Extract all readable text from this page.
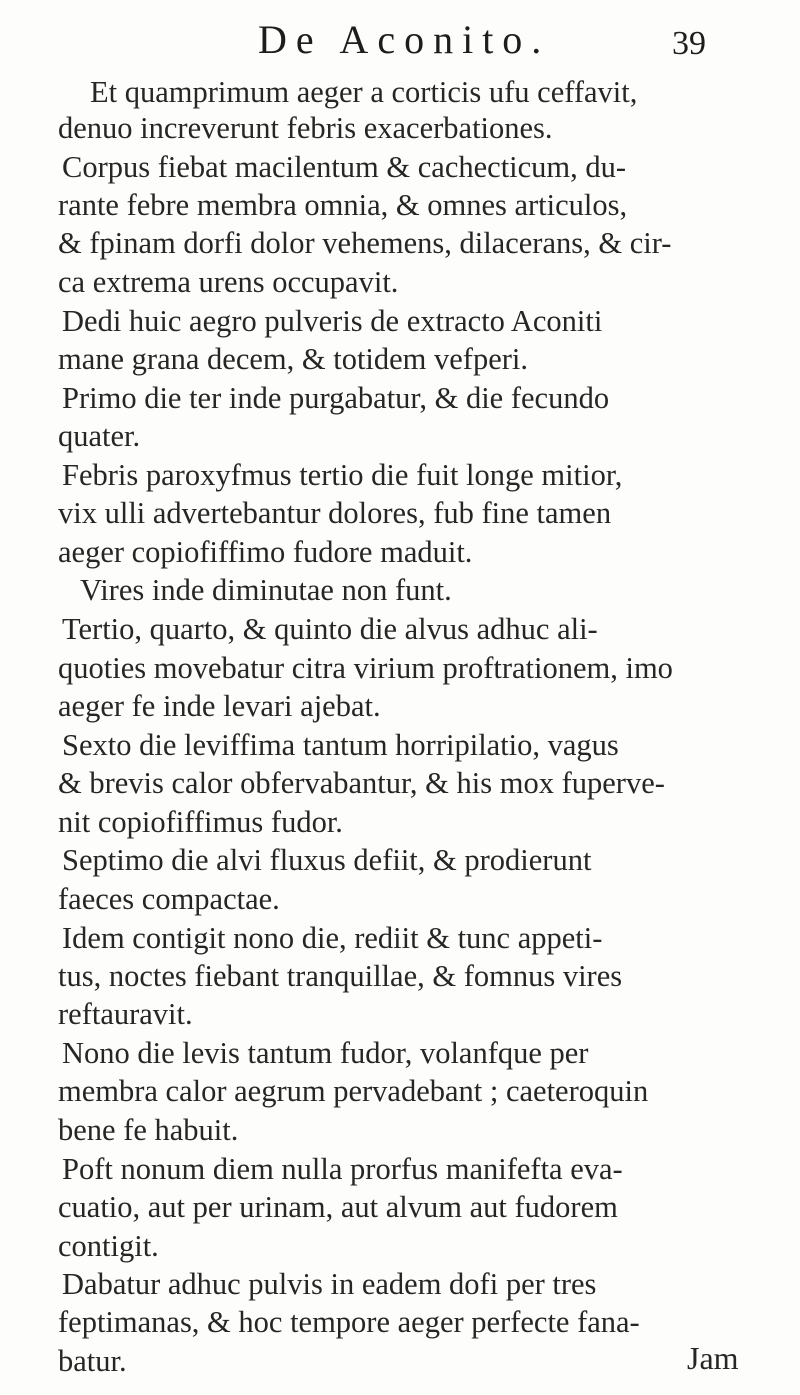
De Aconito.	39
Et quamprimum aeger a corticis ufu ceffavit,
denuo increverunt febris exacerbationes.
Corpus fiebat macilentum & cachecticum, du-
rante febre membra omnia, & omnes articulos,
& fpinam dorfi dolor vehemens, dilacerans, & cir-
ca extrema urens occupavit.
Dedi huic aegro pulveris de extracto Aconiti
mane grana decem, & totidem vefperi.
Primo die ter inde purgabatur, & die fecundo
quater.
Febris paroxyfmus tertio die fuit longe mitior,
vix ulli advertebantur dolores, fub fine tamen
aeger copiofiffimo fudore maduit.
Vires inde diminutae non funt.
Tertio, quarto, & quinto die alvus adhuc ali-
quoties movebatur citra virium proftrationem, imo
aeger fe inde levari ajebat.
Sexto die leviffima tantum horripilatio, vagus
& brevis calor obfervabantur, & his mox fuperve-
nit copiofiffimus fudor.
Septimo die alvi fluxus defiit, & prodierunt
faeces compactae.
Idem contigit nono die, rediit & tunc appeti-
tus, noctes fiebant tranquillae, & fomnus vires
reftauravit.
Nono die levis tantum fudor, volanfque per
membra calor aegrum pervadebant ; caeteroquin
bene fe habuit.
Poft nonum diem nulla prorfus manifefta eva-
cuatio, aut per urinam, aut alvum aut fudorem
contigit.
Dabatur adhuc pulvis in eadem dofi per tres
feptimanas, & hoc tempore aeger perfecte fana-
batur.	Jam
